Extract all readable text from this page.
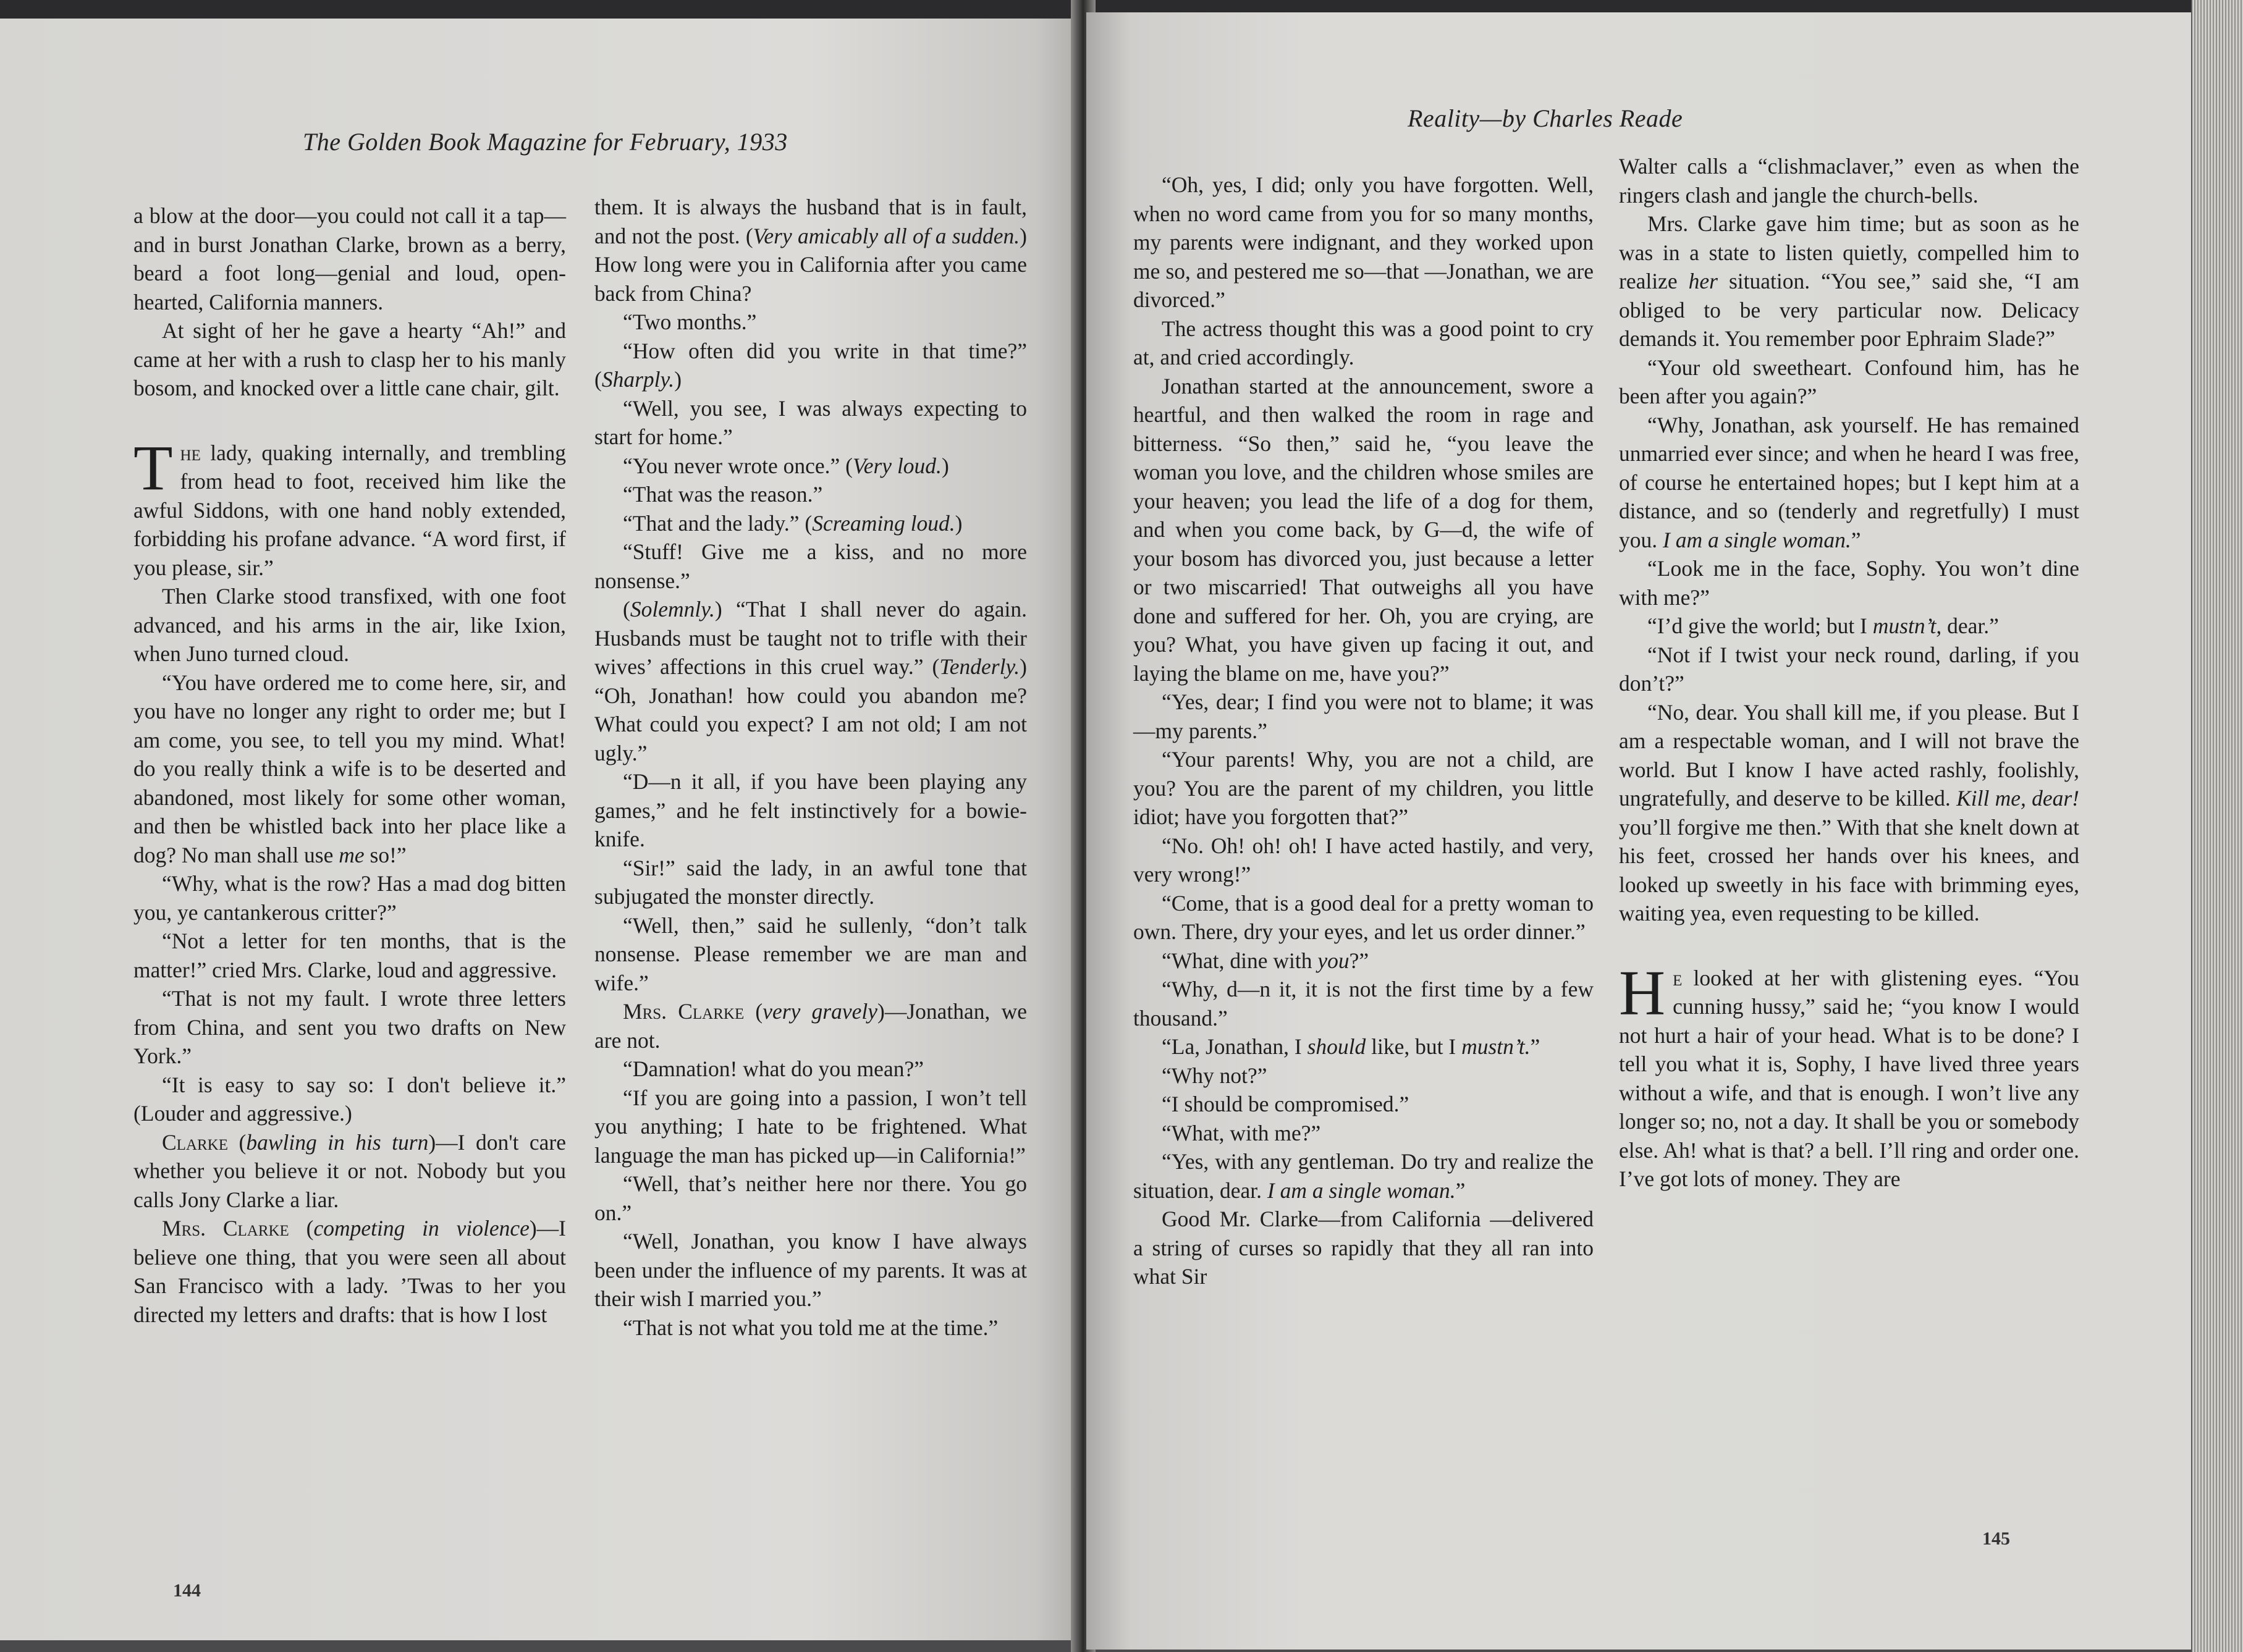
The Golden Book Magazine for February, 1933

a blow at the door—you could not call it a tap—and in burst Jonathan Clarke, brown as a berry, beard a foot long—genial and loud, open-hearted, California manners.

At sight of her he gave a hearty “Ah!” and came at her with a rush to clasp her to his manly bosom, and knocked over a little cane chair, gilt.

The lady, quaking internally, and trembling from head to foot, received him like the awful Siddons, with one hand nobly extended, forbidding his profane advance. “A word first, if you please, sir.”

Then Clarke stood transfixed, with one foot advanced, and his arms in the air, like Ixion, when Juno turned cloud.

“You have ordered me to come here, sir, and you have no longer any right to order me; but I am come, you see, to tell you my mind. What! do you really think a wife is to be deserted and abandoned, most likely for some other woman, and then be whistled back into her place like a dog? No man shall use me so!”

“Why, what is the row? Has a mad dog bitten you, ye cantankerous critter?”

“Not a letter for ten months, that is the matter!” cried Mrs. Clarke, loud and aggressive.

“That is not my fault. I wrote three letters from China, and sent you two drafts on New York.”

“It is easy to say so: I don't believe it.” (Louder and aggressive.)

Clarke (bawling in his turn)—I don't care whether you believe it or not. Nobody but you calls Jony Clarke a liar.

Mrs. Clarke (competing in violence)—I believe one thing, that you were seen all about San Francisco with a lady. ’Twas to her you directed my letters and drafts: that is how I lost

them. It is always the husband that is in fault, and not the post. (Very amicably all of a sudden.) How long were you in California after you came back from China?

“Two months.”

“How often did you write in that time?” (Sharply.)

“Well, you see, I was always expecting to start for home.”

“You never wrote once.” (Very loud.)

“That was the reason.”

“That and the lady.” (Screaming loud.)

“Stuff! Give me a kiss, and no more nonsense.”

(Solemnly.) “That I shall never do again. Husbands must be taught not to trifle with their wives’ affections in this cruel way.” (Tenderly.) “Oh, Jonathan! how could you abandon me? What could you expect? I am not old; I am not ugly.”

“D—n it all, if you have been playing any games,” and he felt instinctively for a bowie-knife.

“Sir!” said the lady, in an awful tone that subjugated the monster directly.

“Well, then,” said he sullenly, “don’t talk nonsense. Please remember we are man and wife.”

Mrs. Clarke (very gravely)—Jonathan, we are not.

“Damnation! what do you mean?”

“If you are going into a passion, I won’t tell you anything; I hate to be frightened. What language the man has picked up—in California!”

“Well, that’s neither here nor there. You go on.”

“Well, Jonathan, you know I have always been under the influence of my parents. It was at their wish I married you.”

“That is not what you told me at the time.”

144
Reality—by Charles Reade

“Oh, yes, I did; only you have forgotten. Well, when no word came from you for so many months, my parents were indignant, and they worked upon me so, and pestered me so—that —Jonathan, we are divorced.”

The actress thought this was a good point to cry at, and cried accordingly.

Jonathan started at the announcement, swore a heartful, and then walked the room in rage and bitterness. “So then,” said he, “you leave the woman you love, and the children whose smiles are your heaven; you lead the life of a dog for them, and when you come back, by G—d, the wife of your bosom has divorced you, just because a letter or two miscarried! That outweighs all you have done and suffered for her. Oh, you are crying, are you? What, you have given up facing it out, and laying the blame on me, have you?”

“Yes, dear; I find you were not to blame; it was—my parents.”

“Your parents! Why, you are not a child, are you? You are the parent of my children, you little idiot; have you forgotten that?”

“No. Oh! oh! oh! I have acted hastily, and very, very wrong!”

“Come, that is a good deal for a pretty woman to own. There, dry your eyes, and let us order dinner.”

“What, dine with you?”

“Why, d—n it, it is not the first time by a few thousand.”

“La, Jonathan, I should like, but I mustn’t.”

“Why not?”

“I should be compromised.”

“What, with me?”

“Yes, with any gentleman. Do try and realize the situation, dear. I am a single woman.”

Good Mr. Clarke—from California —delivered a string of curses so rapidly that they all ran into what Sir

Walter calls a “clishmaclaver,” even as when the ringers clash and jangle the church-bells.

Mrs. Clarke gave him time; but as soon as he was in a state to listen quietly, compelled him to realize her situation. “You see,” said she, “I am obliged to be very particular now. Delicacy demands it. You remember poor Ephraim Slade?”

“Your old sweetheart. Confound him, has he been after you again?”

“Why, Jonathan, ask yourself. He has remained unmarried ever since; and when he heard I was free, of course he entertained hopes; but I kept him at a distance, and so (tenderly and regretfully) I must you. I am a single woman.”

“Look me in the face, Sophy. You won’t dine with me?”

“I’d give the world; but I mustn’t, dear.”

“Not if I twist your neck round, darling, if you don’t?”

“No, dear. You shall kill me, if you please. But I am a respectable woman, and I will not brave the world. But I know I have acted rashly, foolishly, ungratefully, and deserve to be killed. Kill me, dear! you’ll forgive me then.” With that she knelt down at his feet, crossed her hands over his knees, and looked up sweetly in his face with brimming eyes, waiting yea, even requesting to be killed.

He looked at her with glistening eyes. “You cunning hussy,” said he; “you know I would not hurt a hair of your head. What is to be done? I tell you what it is, Sophy, I have lived three years without a wife, and that is enough. I won’t live any longer so; no, not a day. It shall be you or somebody else. Ah! what is that? a bell. I’ll ring and order one. I’ve got lots of money. They are

145
